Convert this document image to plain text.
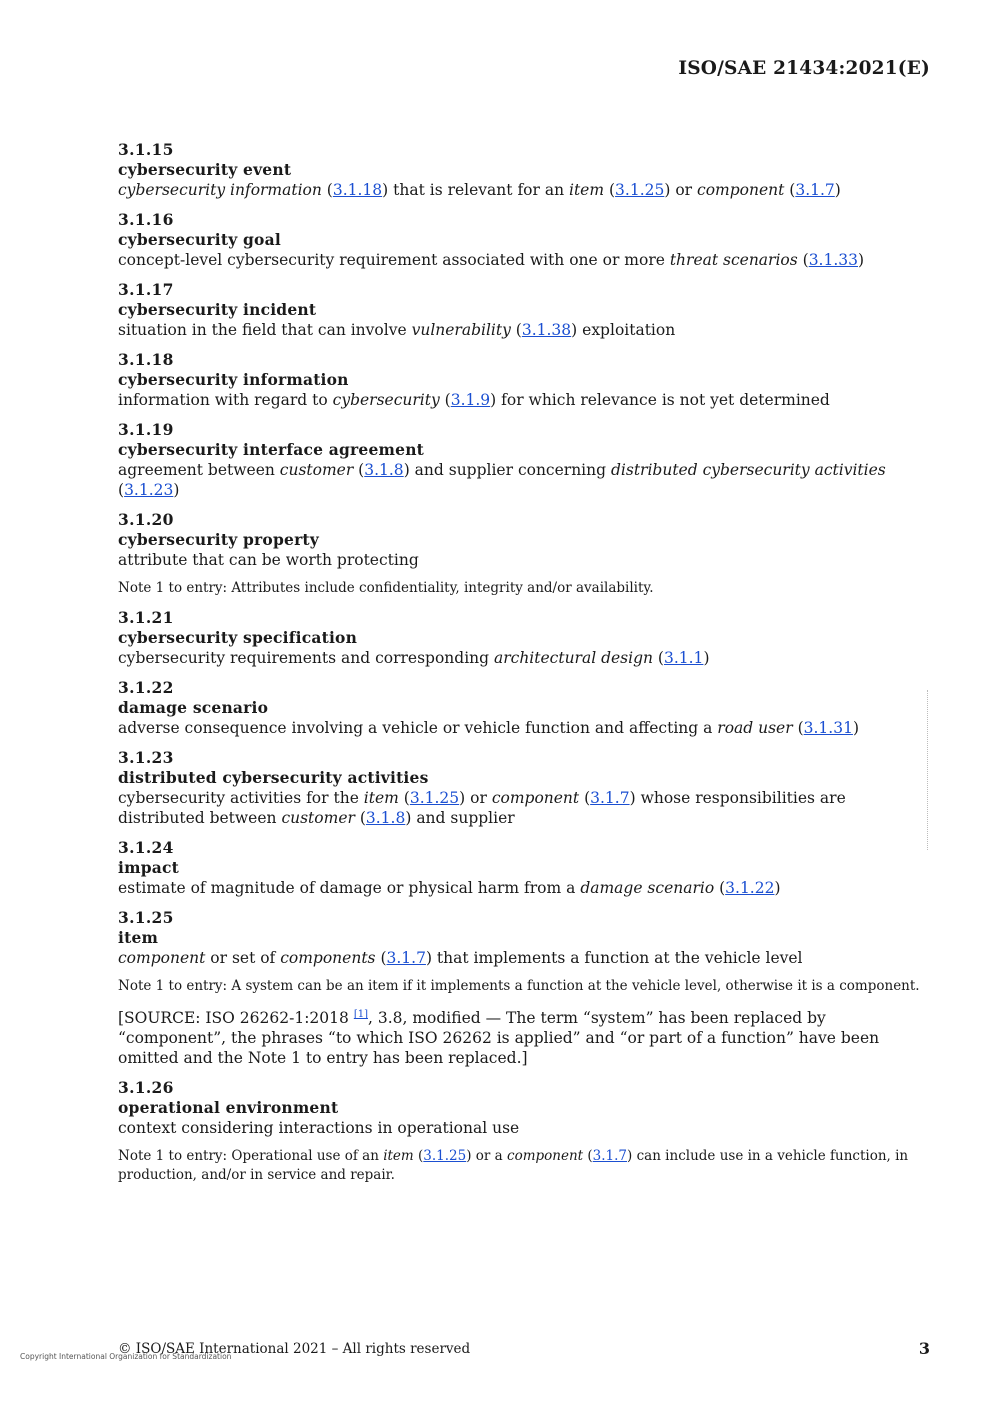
ISO/SAE 21434:2021(E)
3.1.15
cybersecurity event
cybersecurity information (3.1.18) that is relevant for an item (3.1.25) or component (3.1.7)
3.1.16
cybersecurity goal
concept-level cybersecurity requirement associated with one or more threat scenarios (3.1.33)
3.1.17
cybersecurity incident
situation in the field that can involve vulnerability (3.1.38) exploitation
3.1.18
cybersecurity information
information with regard to cybersecurity (3.1.9) for which relevance is not yet determined
3.1.19
cybersecurity interface agreement
agreement between customer (3.1.8) and supplier concerning distributed cybersecurity activities (3.1.23)
3.1.20
cybersecurity property
attribute that can be worth protecting
Note 1 to entry: Attributes include confidentiality, integrity and/or availability.
3.1.21
cybersecurity specification
cybersecurity requirements and corresponding architectural design (3.1.1)
3.1.22
damage scenario
adverse consequence involving a vehicle or vehicle function and affecting a road user (3.1.31)
3.1.23
distributed cybersecurity activities
cybersecurity activities for the item (3.1.25) or component (3.1.7) whose responsibilities are distributed between customer (3.1.8) and supplier
3.1.24
impact
estimate of magnitude of damage or physical harm from a damage scenario (3.1.22)
3.1.25
item
component or set of components (3.1.7) that implements a function at the vehicle level
Note 1 to entry: A system can be an item if it implements a function at the vehicle level, otherwise it is a component.
[SOURCE: ISO 26262-1:2018 [1], 3.8, modified — The term “system” has been replaced by “component”, the phrases “to which ISO 26262 is applied” and “or part of a function” have been omitted and the Note 1 to entry has been replaced.]
3.1.26
operational environment
context considering interactions in operational use
Note 1 to entry: Operational use of an item (3.1.25) or a component (3.1.7) can include use in a vehicle function, in production, and/or in service and repair.
Copyright International Organization for Standardization
© ISO/SAE International 2021 – All rights reserved	3
